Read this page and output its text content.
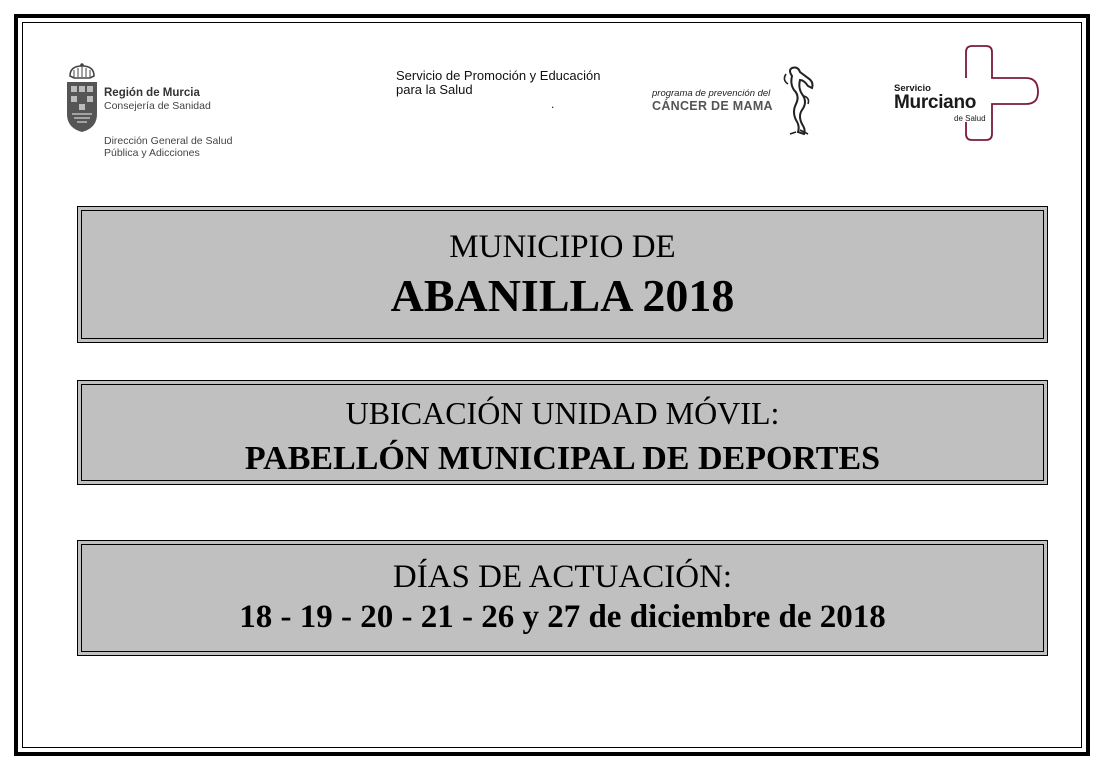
Región de Murcia
Consejería de Sanidad
Dirección General de Salud
Pública y Adicciones
Servicio de Promoción y Educación
para la Salud
.
programa de prevención del
CÁNCER DE MAMA
Servicio
Murciano
de Salud
MUNICIPIO DE
ABANILLA 2018
UBICACIÓN UNIDAD MÓVIL:
PABELLÓN MUNICIPAL DE DEPORTES
DÍAS DE ACTUACIÓN:
18 - 19 - 20 - 21 - 26 y 27 de diciembre de 2018
